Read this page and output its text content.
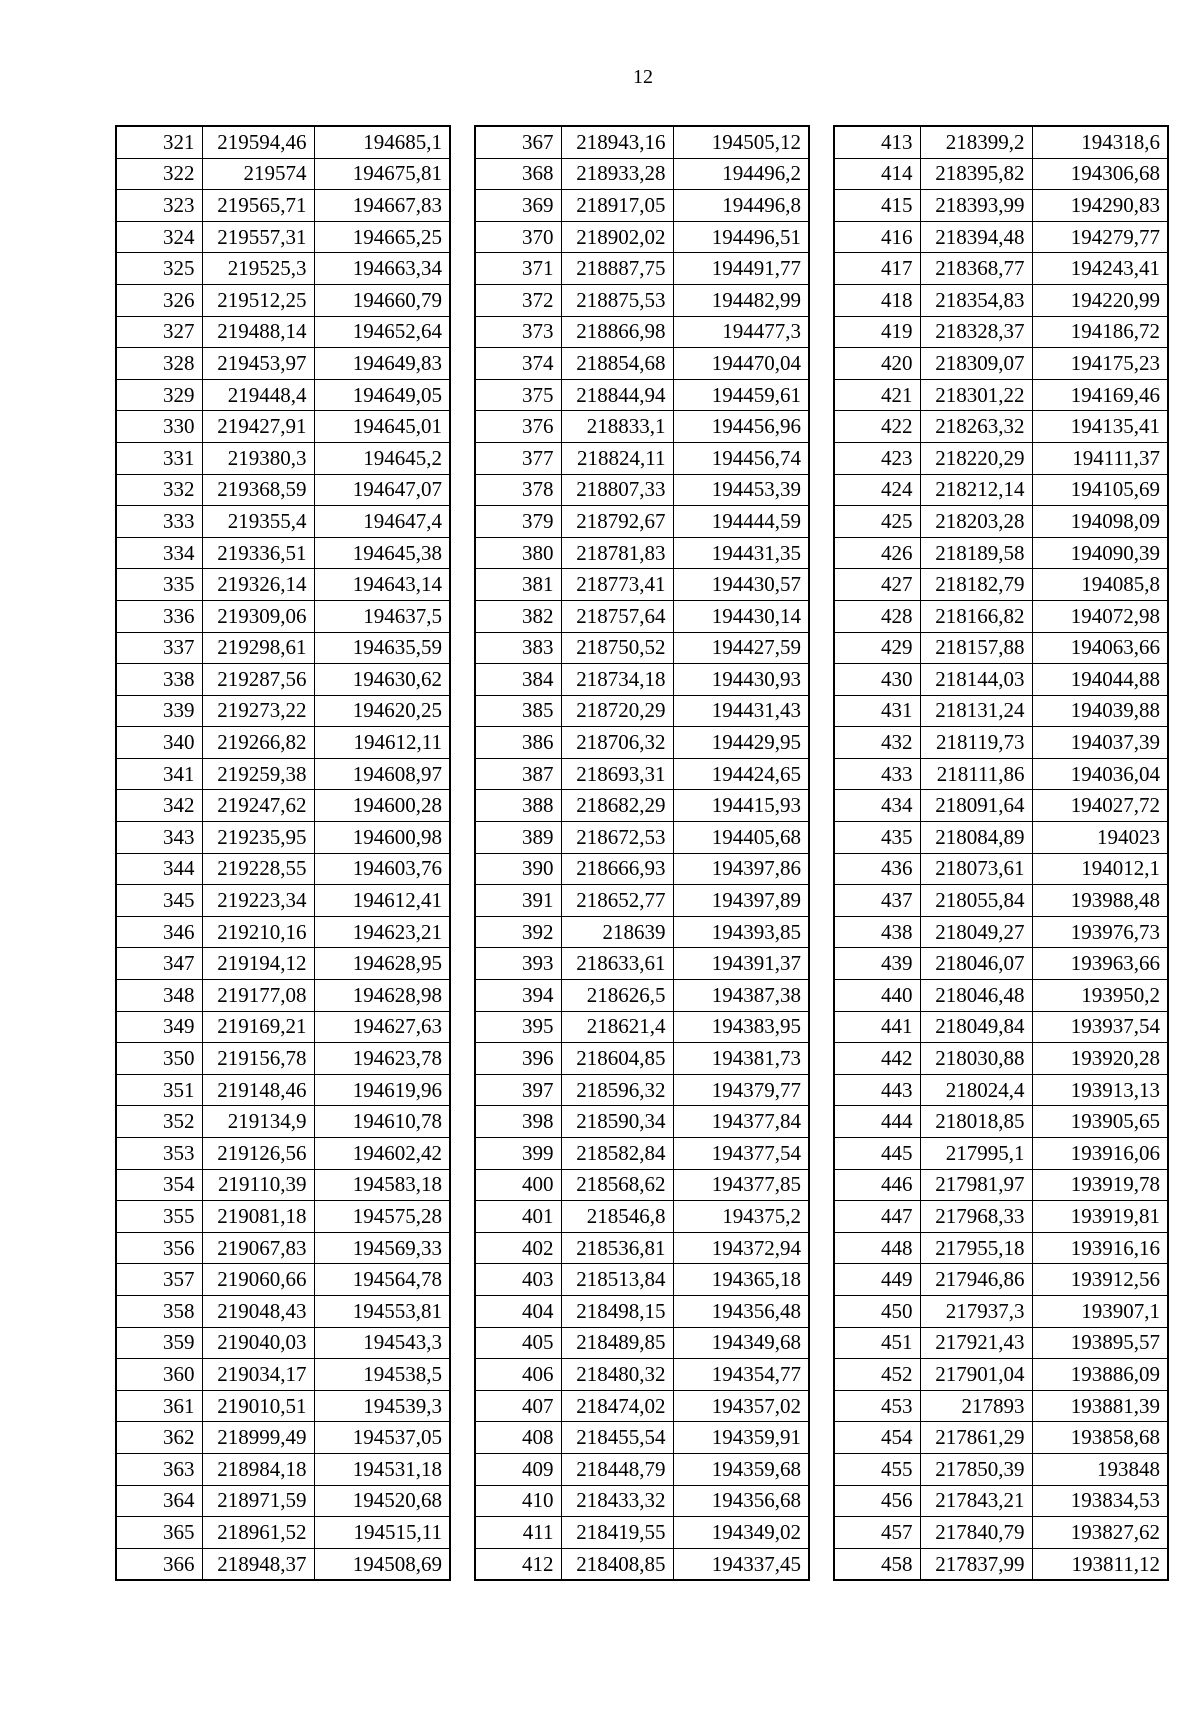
12
321	219594,46	194685,1
322	219574	194675,81
323	219565,71	194667,83
324	219557,31	194665,25
325	219525,3	194663,34
326	219512,25	194660,79
327	219488,14	194652,64
328	219453,97	194649,83
329	219448,4	194649,05
330	219427,91	194645,01
331	219380,3	194645,2
332	219368,59	194647,07
333	219355,4	194647,4
334	219336,51	194645,38
335	219326,14	194643,14
336	219309,06	194637,5
337	219298,61	194635,59
338	219287,56	194630,62
339	219273,22	194620,25
340	219266,82	194612,11
341	219259,38	194608,97
342	219247,62	194600,28
343	219235,95	194600,98
344	219228,55	194603,76
345	219223,34	194612,41
346	219210,16	194623,21
347	219194,12	194628,95
348	219177,08	194628,98
349	219169,21	194627,63
350	219156,78	194623,78
351	219148,46	194619,96
352	219134,9	194610,78
353	219126,56	194602,42
354	219110,39	194583,18
355	219081,18	194575,28
356	219067,83	194569,33
357	219060,66	194564,78
358	219048,43	194553,81
359	219040,03	194543,3
360	219034,17	194538,5
361	219010,51	194539,3
362	218999,49	194537,05
363	218984,18	194531,18
364	218971,59	194520,68
365	218961,52	194515,11
366	218948,37	194508,69
367	218943,16	194505,12
368	218933,28	194496,2
369	218917,05	194496,8
370	218902,02	194496,51
371	218887,75	194491,77
372	218875,53	194482,99
373	218866,98	194477,3
374	218854,68	194470,04
375	218844,94	194459,61
376	218833,1	194456,96
377	218824,11	194456,74
378	218807,33	194453,39
379	218792,67	194444,59
380	218781,83	194431,35
381	218773,41	194430,57
382	218757,64	194430,14
383	218750,52	194427,59
384	218734,18	194430,93
385	218720,29	194431,43
386	218706,32	194429,95
387	218693,31	194424,65
388	218682,29	194415,93
389	218672,53	194405,68
390	218666,93	194397,86
391	218652,77	194397,89
392	218639	194393,85
393	218633,61	194391,37
394	218626,5	194387,38
395	218621,4	194383,95
396	218604,85	194381,73
397	218596,32	194379,77
398	218590,34	194377,84
399	218582,84	194377,54
400	218568,62	194377,85
401	218546,8	194375,2
402	218536,81	194372,94
403	218513,84	194365,18
404	218498,15	194356,48
405	218489,85	194349,68
406	218480,32	194354,77
407	218474,02	194357,02
408	218455,54	194359,91
409	218448,79	194359,68
410	218433,32	194356,68
411	218419,55	194349,02
412	218408,85	194337,45
413	218399,2	194318,6
414	218395,82	194306,68
415	218393,99	194290,83
416	218394,48	194279,77
417	218368,77	194243,41
418	218354,83	194220,99
419	218328,37	194186,72
420	218309,07	194175,23
421	218301,22	194169,46
422	218263,32	194135,41
423	218220,29	194111,37
424	218212,14	194105,69
425	218203,28	194098,09
426	218189,58	194090,39
427	218182,79	194085,8
428	218166,82	194072,98
429	218157,88	194063,66
430	218144,03	194044,88
431	218131,24	194039,88
432	218119,73	194037,39
433	218111,86	194036,04
434	218091,64	194027,72
435	218084,89	194023
436	218073,61	194012,1
437	218055,84	193988,48
438	218049,27	193976,73
439	218046,07	193963,66
440	218046,48	193950,2
441	218049,84	193937,54
442	218030,88	193920,28
443	218024,4	193913,13
444	218018,85	193905,65
445	217995,1	193916,06
446	217981,97	193919,78
447	217968,33	193919,81
448	217955,18	193916,16
449	217946,86	193912,56
450	217937,3	193907,1
451	217921,43	193895,57
452	217901,04	193886,09
453	217893	193881,39
454	217861,29	193858,68
455	217850,39	193848
456	217843,21	193834,53
457	217840,79	193827,62
458	217837,99	193811,12
